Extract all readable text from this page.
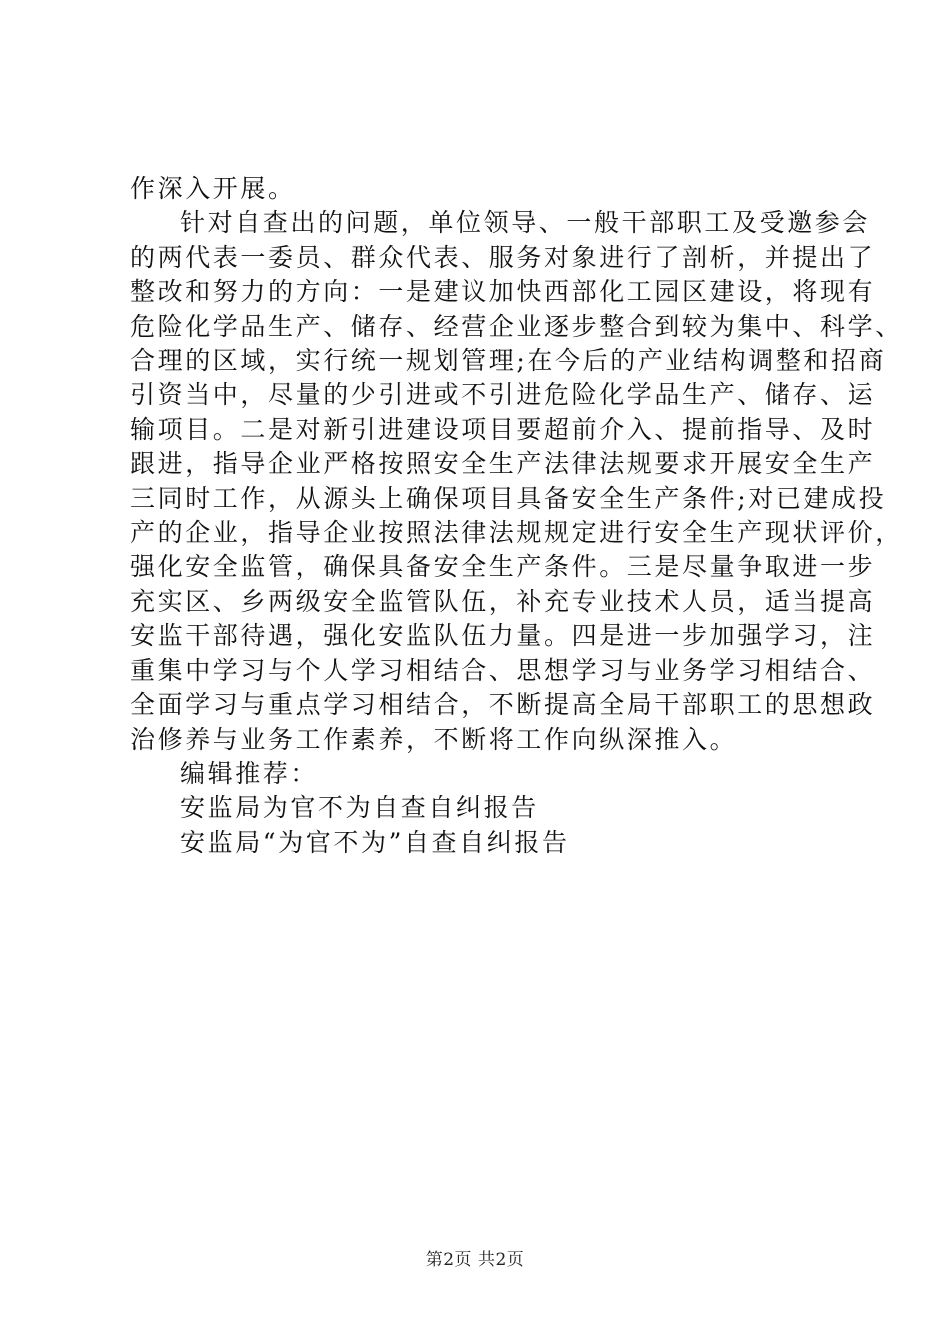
作深入开展。
针对自查出的问题，单位领导、一般干部职工及受邀参会
的两代表一委员、群众代表、服务对象进行了剖析，并提出了
整改和努力的方向：一是建议加快西部化工园区建设，将现有
危险化学品生产、储存、经营企业逐步整合到较为集中、科学、
合理的区域，实行统一规划管理;在今后的产业结构调整和招商
引资当中，尽量的少引进或不引进危险化学品生产、储存、运
输项目。二是对新引进建设项目要超前介入、提前指导、及时
跟进，指导企业严格按照安全生产法律法规要求开展安全生产
三同时工作，从源头上确保项目具备安全生产条件;对已建成投
产的企业，指导企业按照法律法规规定进行安全生产现状评价，
强化安全监管，确保具备安全生产条件。三是尽量争取进一步
充实区、乡两级安全监管队伍，补充专业技术人员，适当提高
安监干部待遇，强化安监队伍力量。四是进一步加强学习，注
重集中学习与个人学习相结合、思想学习与业务学习相结合、
全面学习与重点学习相结合，不断提高全局干部职工的思想政
治修养与业务工作素养，不断将工作向纵深推入。
编辑推荐：
安监局为官不为自查自纠报告
安监局“为官不为”自查自纠报告
第2页 共2页
